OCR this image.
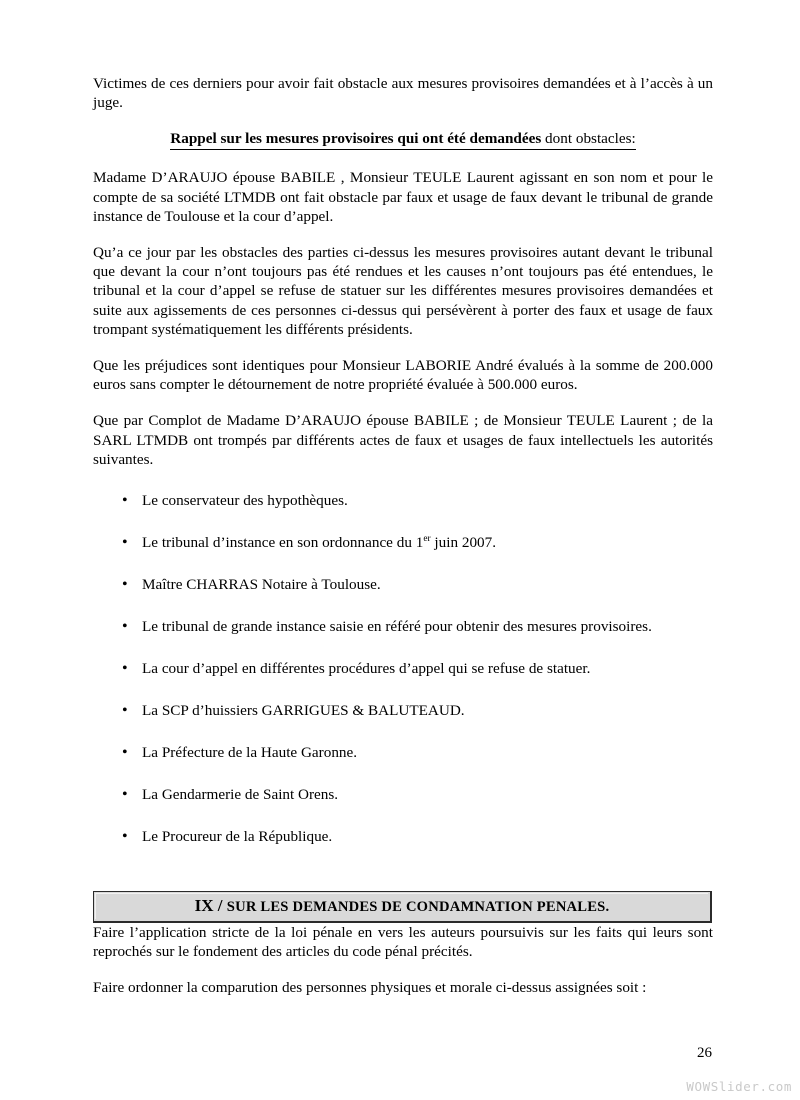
Victimes de ces derniers pour avoir fait obstacle aux mesures provisoires demandées et à l’accès à un juge.

Rappel sur les mesures provisoires qui ont été demandées dont obstacles:

Madame D’ARAUJO épouse BABILE , Monsieur TEULE Laurent agissant en son nom et pour le compte de sa société LTMDB ont fait obstacle par faux et usage de faux devant le tribunal de grande instance de Toulouse et la cour d’appel.

Qu’a ce jour par les obstacles des parties ci-dessus les mesures provisoires autant devant le tribunal que devant la cour n’ont toujours pas été rendues et les causes n’ont toujours pas été entendues, le tribunal et la cour d’appel se refuse de statuer sur les différentes mesures provisoires demandées et suite aux agissements de ces personnes ci-dessus qui persévèrent à porter des faux et usage de faux trompant systématiquement les différents présidents.

Que les préjudices sont identiques pour Monsieur LABORIE André évalués à la somme de 200.000 euros sans compter le détournement de notre propriété évaluée à 500.000 euros.

Que par Complot de Madame D’ARAUJO épouse BABILE ; de Monsieur TEULE Laurent ; de la SARL LTMDB ont trompés par différents actes de faux et usages de faux intellectuels les autorités suivantes.

• Le conservateur des hypothèques.
• Le tribunal d’instance en son ordonnance du 1er juin 2007.
• Maître CHARRAS Notaire à Toulouse.
• Le tribunal de grande instance saisie en référé pour obtenir des mesures provisoires.
• La cour d’appel en différentes procédures d’appel qui se refuse de statuer.
• La SCP d’huissiers GARRIGUES & BALUTEAUD.
• La Préfecture de la Haute Garonne.
• La Gendarmerie de Saint Orens.
• Le Procureur de la République.
IX / SUR LES DEMANDES DE CONDAMNATION PENALES.

Faire l’application stricte de la loi pénale en vers les auteurs poursuivis sur les faits qui leurs sont reprochés sur le fondement des articles du code pénal précités.

Faire ordonner la comparution des personnes physiques et morale ci-dessus assignées soit :

26
WOWSlider.com
